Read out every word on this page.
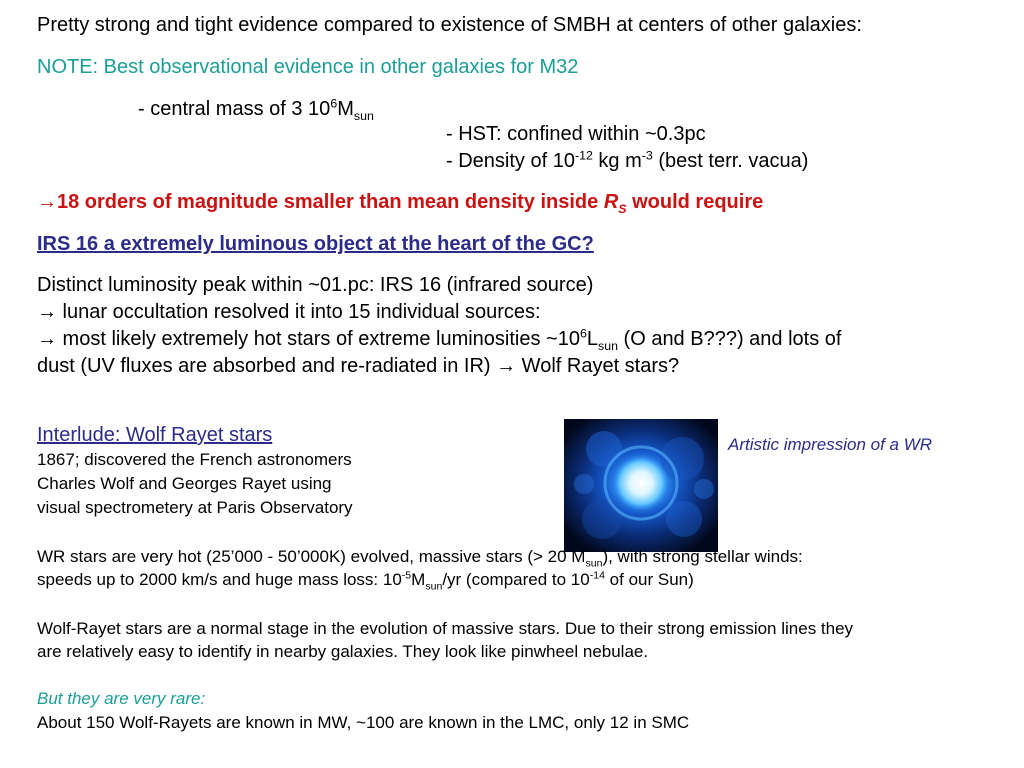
Pretty strong and tight evidence compared to existence of SMBH at centers of other galaxies:
NOTE: Best observational evidence in other galaxies for M32
- central mass of 3 $10^6M_{sun}$
- HST: confined within ~0.3pc
- Density of $10^{-12}$ kg $m^{-3}$ (best terr. vacua)
→18 orders of magnitude smaller than mean density inside $R_S$ would require
IRS 16 a extremely luminous object at the heart of the GC?
Distinct luminosity peak within ~01.pc: IRS 16 (infrared source)
→ lunar occultation resolved it into 15 individual sources:
→ most likely extremely hot stars of extreme luminosities $\sim 10^6L_{sun}$ (O and B???) and lots of
dust (UV fluxes are absorbed and re-radiated in IR) → Wolf Rayet stars?
Interlude: Wolf Rayet stars
1867; discovered the French astronomers
Charles Wolf and Georges Rayet using
visual spectrometery at Paris Observatory
Artistic impression of a WR
WR stars are very hot (25’000 - 50’000K) evolved, massive stars (> 20 $M_{sun}$), with strong stellar winds:
speeds up to 2000 km/s and huge mass loss: $10^{-5}M_{sun}/yr$ (compared to $10^{-14}$ of our Sun)
Wolf-Rayet stars are a normal stage in the evolution of massive stars. Due to their strong emission lines they
are relatively easy to identify in nearby galaxies. They look like pinwheel nebulae.
But they are very rare:
About 150 Wolf-Rayets are known in MW, ~100 are known in the LMC, only 12 in SMC
